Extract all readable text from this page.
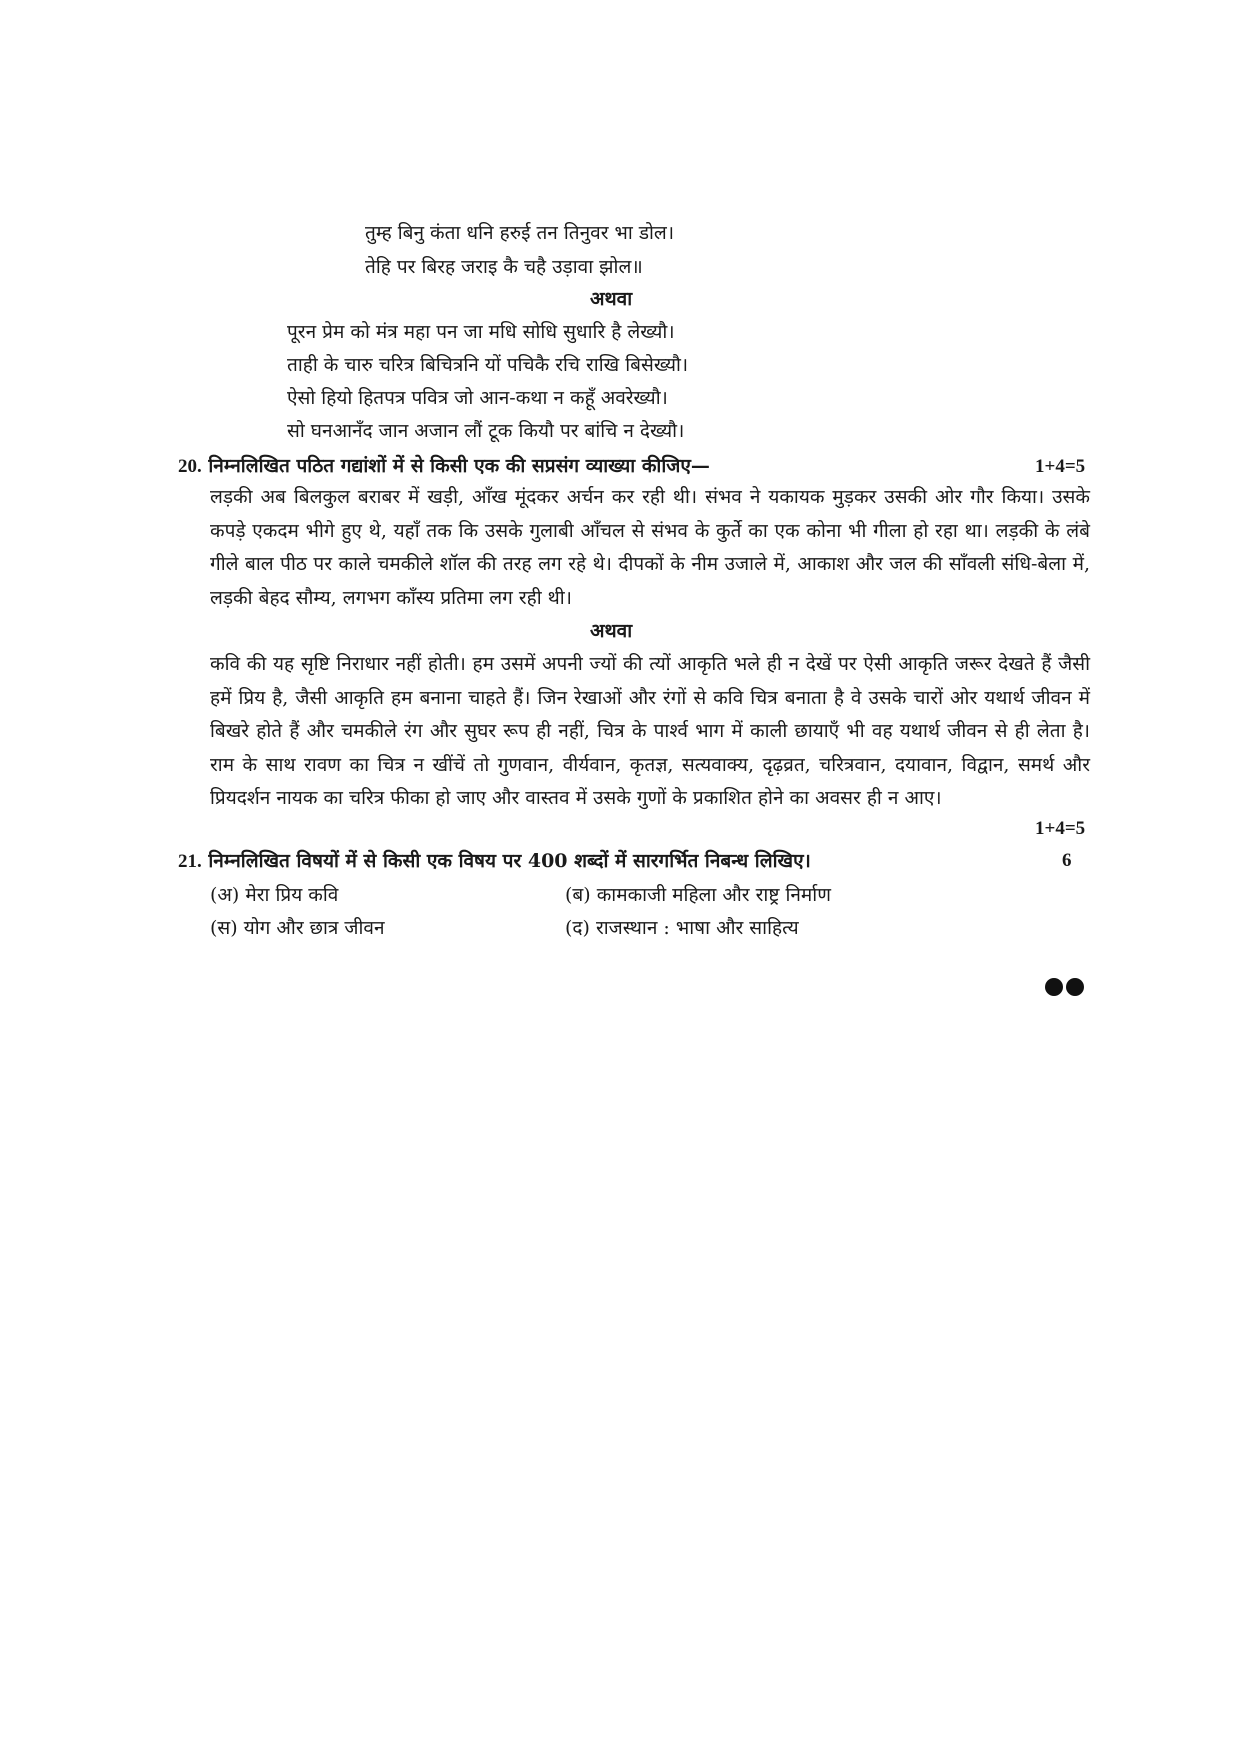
तुम्ह बिनु कंता धनि हरुई तन तिनुवर भा डोल।
तेहि पर बिरह जराइ कै चहै उड़ावा झोल॥
अथवा
पूरन प्रेम को मंत्र महा पन जा मधि सोधि सुधारि है लेख्यौ।
ताही के चारु चरित्र बिचित्रनि यों पचिकै रचि राखि बिसेख्यौ।
ऐसो हियो हितपत्र पवित्र जो आन-कथा न कहूँ अवरेख्यौ।
सो घनआनँद जान अजान लौं टूक कियौ पर बांचि न देख्यौ।
20. निम्नलिखित पठित गद्यांशों में से किसी एक की सप्रसंग व्याख्या कीजिए—	1+4=5
लड़की अब बिलकुल बराबर में खड़ी, आँख मूंदकर अर्चन कर रही थी। संभव ने यकायक मुड़कर उसकी ओर गौर किया। उसके कपड़े एकदम भीगे हुए थे, यहाँ तक कि उसके गुलाबी आँचल से संभव के कुर्ते का एक कोना भी गीला हो रहा था। लड़की के लंबे गीले बाल पीठ पर काले चमकीले शॉल की तरह लग रहे थे। दीपकों के नीम उजाले में, आकाश और जल की साँवली संधि-बेला में, लड़की बेहद सौम्य, लगभग काँस्य प्रतिमा लग रही थी।
अथवा
कवि की यह सृष्टि निराधार नहीं होती। हम उसमें अपनी ज्यों की त्यों आकृति भले ही न देखें पर ऐसी आकृति जरूर देखते हैं जैसी हमें प्रिय है, जैसी आकृति हम बनाना चाहते हैं। जिन रेखाओं और रंगों से कवि चित्र बनाता है वे उसके चारों ओर यथार्थ जीवन में बिखरे होते हैं और चमकीले रंग और सुघर रूप ही नहीं, चित्र के पार्श्व भाग में काली छायाएँ भी वह यथार्थ जीवन से ही लेता है। राम के साथ रावण का चित्र न खींचें तो गुणवान, वीर्यवान, कृतज्ञ, सत्यवाक्य, दृढ़व्रत, चरित्रवान, दयावान, विद्वान, समर्थ और प्रियदर्शन नायक का चरित्र फीका हो जाए और वास्तव में उसके गुणों के प्रकाशित होने का अवसर ही न आए।
1+4=5
21. निम्नलिखित विषयों में से किसी एक विषय पर 400 शब्दों में सारगर्भित निबन्ध लिखिए।	6
(अ) मेरा प्रिय कवि	(ब) कामकाजी महिला और राष्ट्र निर्माण
(स) योग और छात्र जीवन	(द) राजस्थान : भाषा और साहित्य
